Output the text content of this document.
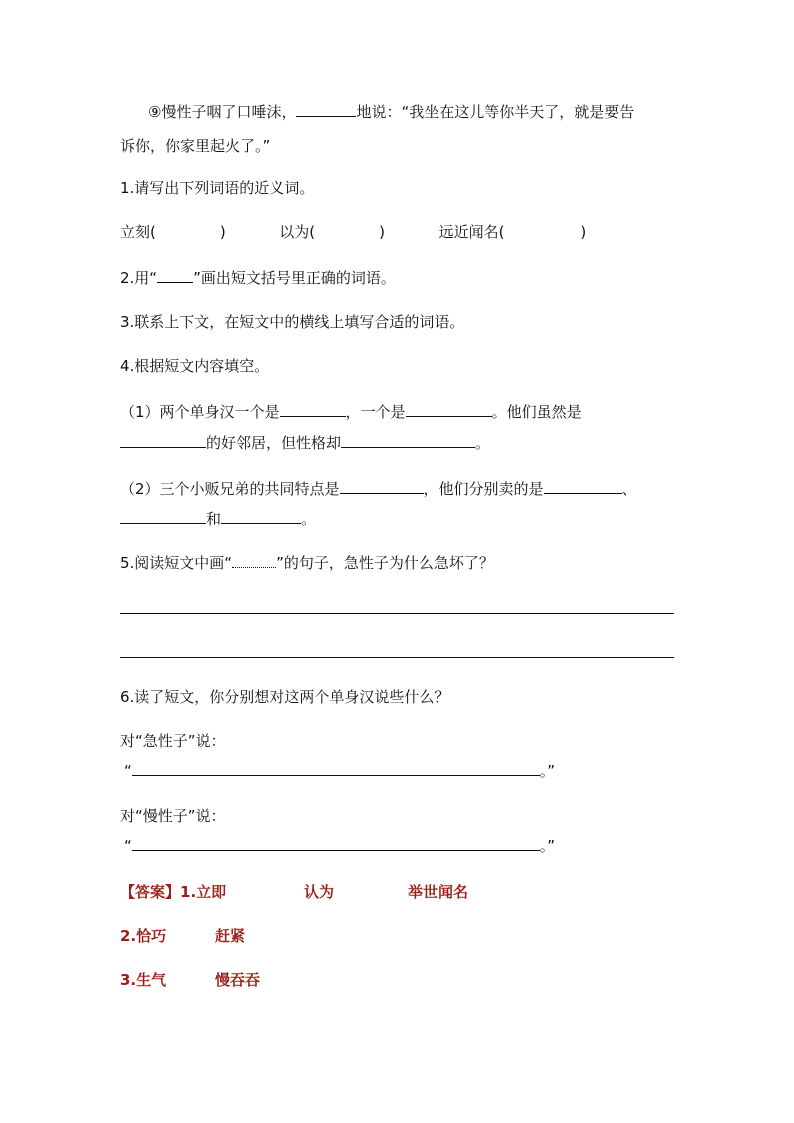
⑨慢性子咽了口唾沫，	地说：“我坐在这儿等你半天了，就是要告
诉你，你家里起火了。”
1.请写出下列词语的近义词。
立刻(	)	以为(	)	远近闻名(	)
2.用“ ”画出短文括号里正确的词语。
3.联系上下文，在短文中的横线上填写合适的词语。
4.根据短文内容填空。
（1）两个单身汉一个是	，一个是	。他们虽然是
的好邻居，但性格却	。
（2）三个小贩兄弟的共同特点是	，他们分别卖的是	、
和	。
5.阅读短文中画“	”的句子，急性子为什么急坏了？
6.读了短文，你分别想对这两个单身汉说些什么？
对“急性子”说：
“	。”
对“慢性子”说：
“	。”
【答案】1.立即	认为	举世闻名
2.恰巧	赶紧
3.生气	慢吞吞
